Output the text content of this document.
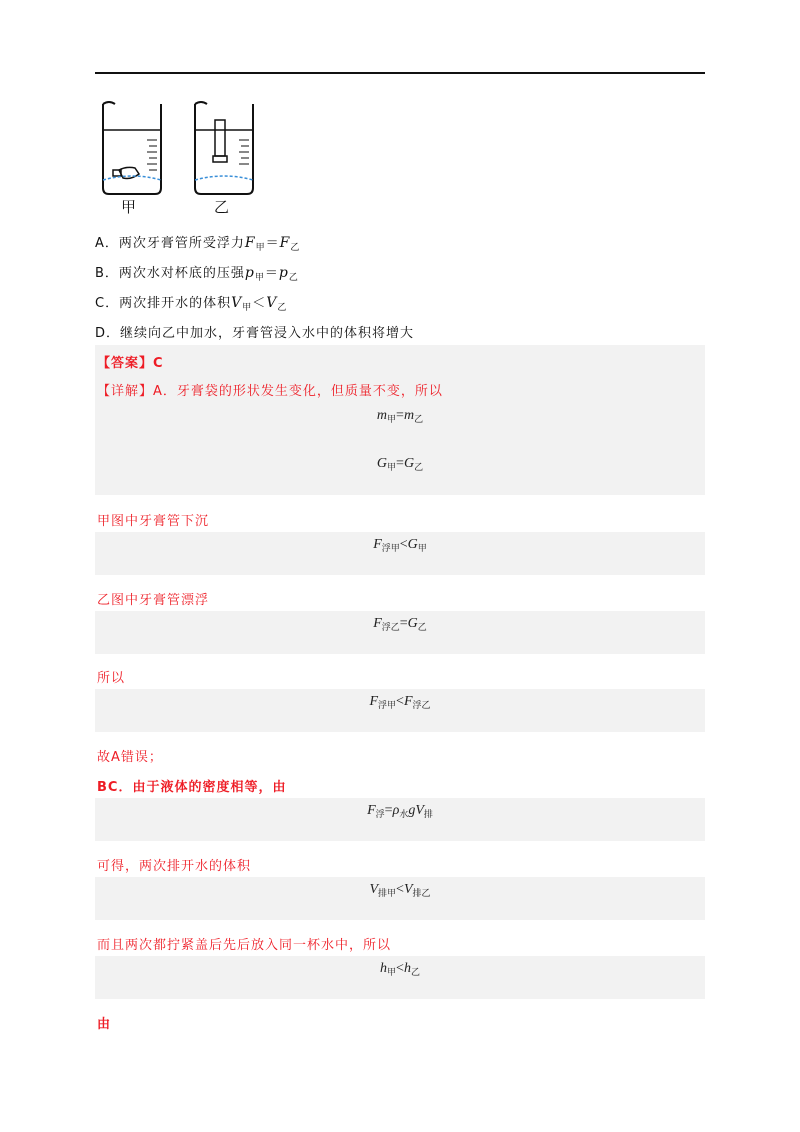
甲	乙
A．两次牙膏管所受浮力$F_甲=F_乙$
B．两次水对杯底的压强$p_甲=p_乙$
C．两次排开水的体积$V_甲<V_乙$
D．继续向乙中加水，牙膏管浸入水中的体积将增大
【答案】C
【详解】A．牙膏袋的形状发生变化，但质量不变，所以
$m_甲=m_乙$
$G_甲=G_乙$
甲图中牙膏管下沉
$F_{浮甲}<G_甲$
乙图中牙膏管漂浮
$F_{浮乙}=G_乙$
所以
$F_{浮甲}<F_{浮乙}$
故A错误；
BC．由于液体的密度相等，由
$F_浮=\rho_水gV_排$
可得，两次排开水的体积
$V_{排甲}<V_{排乙}$
而且两次都拧紧盖后先后放入同一杯水中，所以
$h_甲<h_乙$
由
